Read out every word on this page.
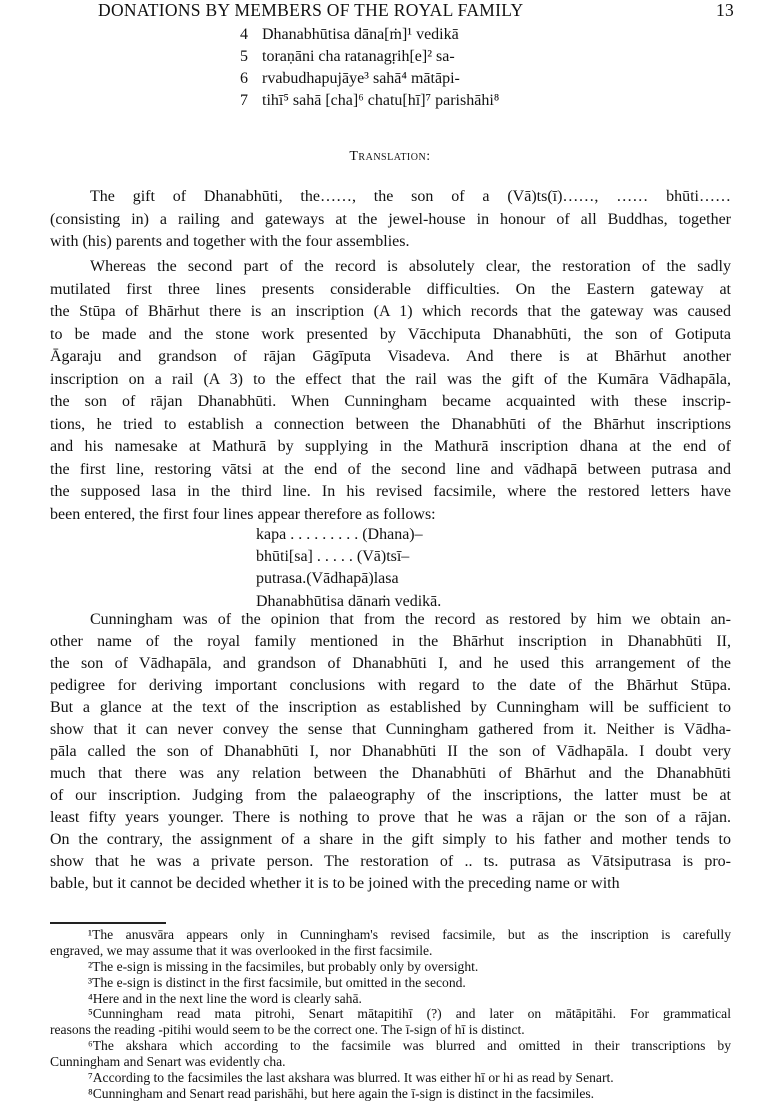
DONATIONS BY MEMBERS OF THE ROYAL FAMILY	13
4 Dhanabhūtisa dāna[ṁ]¹ vedikā
5 toraṇāni cha ratanagṛih[e]² sa-
6 rvabudhapujāye³ sahā⁴ mātāpi-
7 tihī⁵ sahā [cha]⁶ chatu[hī]⁷ parishāhi⁸
Translation:
The gift of Dhanabhūti, the……, the son of a (Vā)ts(ī)……, …… bhūti……
(consisting in) a railing and gateways at the jewel-house in honour of all Buddhas, together
with (his) parents and together with the four assemblies.
Whereas the second part of the record is absolutely clear, the restoration of the sadly
mutilated first three lines presents considerable difficulties. On the Eastern gateway at
the Stūpa of Bhārhut there is an inscription (A 1) which records that the gateway was caused
to be made and the stone work presented by Vācchiputa Dhanabhūti, the son of Gotiputa
Āgaraju and grandson of rājan Gāgīputa Visadeva. And there is at Bhārhut another
inscription on a rail (A 3) to the effect that the rail was the gift of the Kumāra Vādhapāla,
the son of rājan Dhanabhūti. When Cunningham became acquainted with these inscrip-
tions, he tried to establish a connection between the Dhanabhūti of the Bhārhut inscriptions
and his namesake at Mathurā by supplying in the Mathurā inscription dhana at the end of
the first line, restoring vātsi at the end of the second line and vādhapā between putrasa and
the supposed lasa in the third line. In his revised facsimile, where the restored letters have
been entered, the first four lines appear therefore as follows:
kapa . . . . . . . . . (Dhana)–
bhūti[sa] . . . . . (Vā)tsī–
putrasa.(Vādhapā)lasa
Dhanabhūtisa dānaṁ vedikā.
Cunningham was of the opinion that from the record as restored by him we obtain an-
other name of the royal family mentioned in the Bhārhut inscription in Dhanabhūti II,
the son of Vādhapāla, and grandson of Dhanabhūti I, and he used this arrangement of the
pedigree for deriving important conclusions with regard to the date of the Bhārhut Stūpa.
But a glance at the text of the inscription as established by Cunningham will be sufficient to
show that it can never convey the sense that Cunningham gathered from it. Neither is Vādha-
pāla called the son of Dhanabhūti I, nor Dhanabhūti II the son of Vādhapāla. I doubt very
much that there was any relation between the Dhanabhūti of Bhārhut and the Dhanabhūti
of our inscription. Judging from the palaeography of the inscriptions, the latter must be at
least fifty years younger. There is nothing to prove that he was a rājan or the son of a rājan.
On the contrary, the assignment of a share in the gift simply to his father and mother tends to
show that he was a private person. The restoration of .. ts. putrasa as Vātsiputrasa is pro-
bable, but it cannot be decided whether it is to be joined with the preceding name or with
¹The anusvāra appears only in Cunningham's revised facsimile, but as the inscription is carefully
engraved, we may assume that it was overlooked in the first facsimile.
²The e-sign is missing in the facsimiles, but probably only by oversight.
³The e-sign is distinct in the first facsimile, but omitted in the second.
⁴Here and in the next line the word is clearly sahā.
⁵Cunningham read mata pitrohi, Senart mātapitihī (?) and later on mātāpitāhi. For grammatical
reasons the reading -pitihi would seem to be the correct one. The ī-sign of hī is distinct.
⁶The akshara which according to the facsimile was blurred and omitted in their transcriptions by
Cunningham and Senart was evidently cha.
⁷According to the facsimiles the last akshara was blurred. It was either hī or hi as read by Senart.
⁸Cunningham and Senart read parishāhi, but here again the ī-sign is distinct in the facsimiles.
